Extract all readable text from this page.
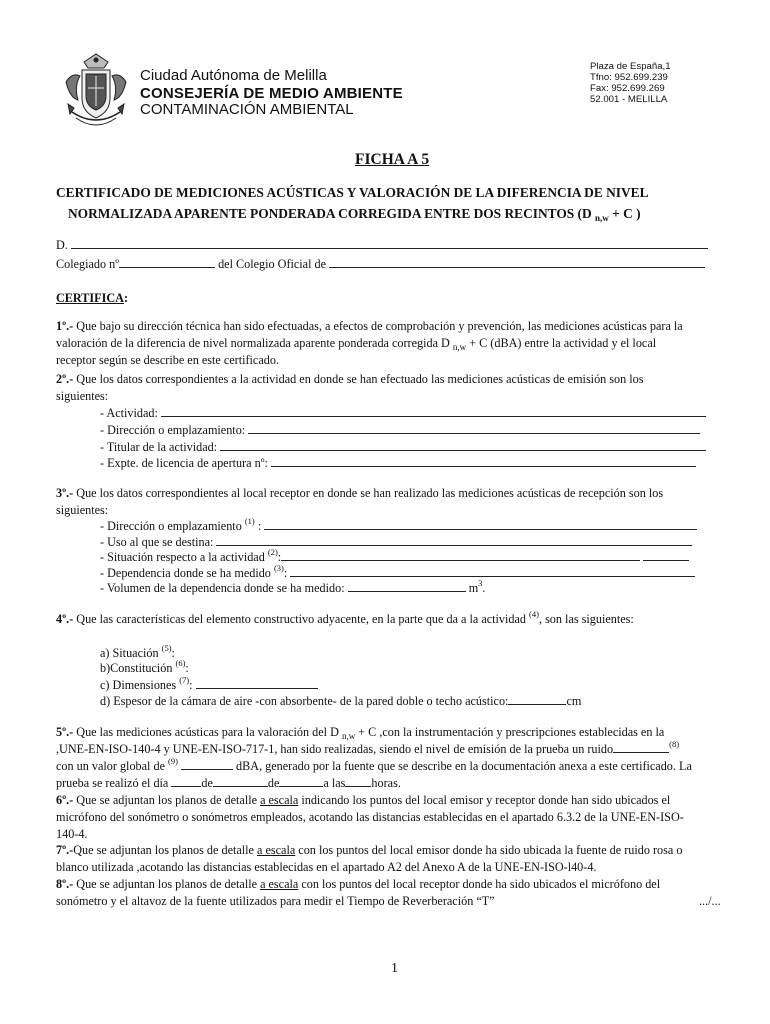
Ciudad Autónoma de Melilla
CONSEJERÍA DE MEDIO AMBIENTE
CONTAMINACIÓN AMBIENTAL
Plaza de España,1
Tfno: 952.699.239
Fax: 952.699.269
52.001 - MELILLA
FICHA A 5
CERTIFICADO DE MEDICIONES ACÚSTICAS Y VALORACIÓN DE LA DIFERENCIA DE NIVEL
NORMALIZADA APARENTE PONDERADA CORREGIDA ENTRE DOS RECINTOS (D $_{n,w}$ + C )
D.
Colegiado nº	del Colegio Oficial de
CERTIFICA:
1º.- Que bajo su dirección técnica han sido efectuadas, a efectos de comprobación y prevención, las mediciones acústicas para la
valoración de la diferencia de nivel normalizada aparente ponderada corregida D $_{n,w}$ + C (dBA) entre la actividad y el local
receptor según se describe en este certificado.
2º.- Que los datos correspondientes a la actividad en donde se han efectuado las mediciones acústicas de emisión son los
siguientes:
- Actividad:
- Dirección o emplazamiento:
- Titular de la actividad:
- Expte. de licencia de apertura nº:
3º.- Que los datos correspondientes al local receptor en donde se han realizado las mediciones acústicas de recepción son los
siguientes:
- Dirección o emplazamiento $^{(1)}$ :
- Uso al que se destina:
- Situación respecto a la actividad $^{(2)}$:
- Dependencia donde se ha medido $^{(3)}$:
- Volumen de la dependencia donde se ha medido:	$m^3$.
4º.- Que las características del elemento constructivo adyacente, en la parte que da a la actividad $^{(4)}$, son las siguientes:
a) Situación $^{(5)}$:
b)Constitución $^{(6)}$:
c) Dimensiones $^{(7)}$:
d) Espesor de la cámara de aire -con absorbente- de la pared doble o techo acústico:	cm
5º.- Que las mediciones acústicas para la valoración del D $_{n,w}$ + C ,con la instrumentación y prescripciones establecidas en la
,UNE-EN-ISO-140-4 y UNE-EN-ISO-717-1, han sido realizadas, siendo el nivel de emisión de la prueba un ruido	$^{(8)}$
con un valor global de $^{(9)}$	dBA, generado por la fuente que se describe en la documentación anexa a este certificado. La
prueba se realizó el día de	de	a las horas.
6º.- Que se adjuntan los planos de detalle a escala indicando los puntos del local emisor y receptor donde han sido ubicados el
micrófono del sonómetro o sonómetros empleados, acotando las distancias establecidas en el apartado 6.3.2 de la UNE-EN-ISO-
140-4.
7º.-Que se adjuntan los planos de detalle a escala con los puntos del local emisor donde ha sido ubicada la fuente de ruido rosa o
blanco utilizada ,acotando las distancias establecidas en el apartado A2 del Anexo A de la UNE-EN-ISO-l40-4.
8º.- Que se adjuntan los planos de detalle a escala con los puntos del local receptor donde ha sido ubicados el micrófono del
sonómetro y el altavoz de la fuente utilizados para medir el Tiempo de Reverberación “T”	.../...
1
